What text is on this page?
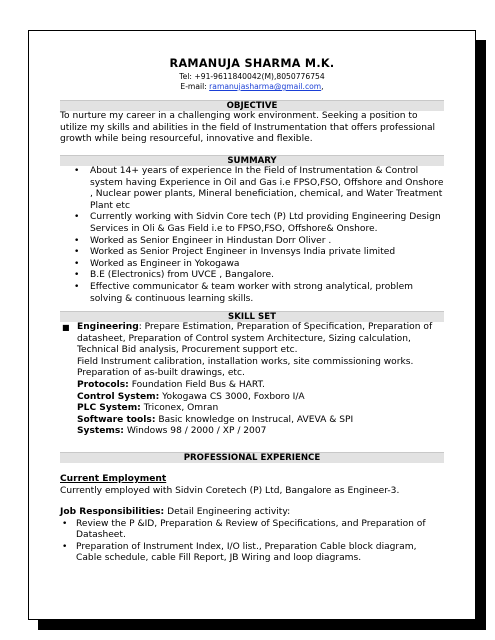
RAMANUJA SHARMA M.K.
Tel: +91-9611840042(M),8050776754
E-mail: ramanujasharma@gmail.com,
OBJECTIVE
To nurture my career in a challenging work environment. Seeking a position to utilize my skills and abilities in the field of Instrumentation that offers professional growth while being resourceful, innovative and flexible.
SUMMARY
• About 14+ years of experience In the Field of Instrumentation & Control system having Experience in Oil and Gas i.e FPSO,FSO, Offshore and Onshore , Nuclear power plants, Mineral beneficiation, chemical, and Water Treatment Plant etc
• Currently working with Sidvin Core tech (P) Ltd providing Engineering Design Services in Oli & Gas Field i.e to FPSO,FSO, Offshore& Onshore.
• Worked as Senior Engineer in Hindustan Dorr Oliver .
• Worked as Senior Project Engineer in Invensys India private limited
• Worked as Engineer in Yokogawa
• B.E (Electronics) from UVCE , Bangalore.
• Effective communicator & team worker with strong analytical, problem solving & continuous learning skills.
SKILL SET
■ Engineering: Prepare Estimation, Preparation of Specification, Preparation of datasheet, Preparation of Control system Architecture, Sizing calculation, Technical Bid analysis, Procurement support etc.
Field Instrument calibration, installation works, site commissioning works. Preparation of as-built drawings, etc.
Protocols: Foundation Field Bus & HART.
Control System: Yokogawa CS 3000, Foxboro I/A
PLC System: Triconex, Omran
Software tools: Basic knowledge on Instrucal, AVEVA & SPI
Systems: Windows 98 / 2000 / XP / 2007
PROFESSIONAL EXPERIENCE
Current Employment
Currently employed with Sidvin Coretech (P) Ltd, Bangalore as Engineer-3.
Job Responsibilities: Detail Engineering activity:
• Review the P &ID, Preparation & Review of Specifications, and Preparation of Datasheet.
• Preparation of Instrument Index, I/O list., Preparation Cable block diagram, Cable schedule, cable Fill Report, JB Wiring and loop diagrams.
